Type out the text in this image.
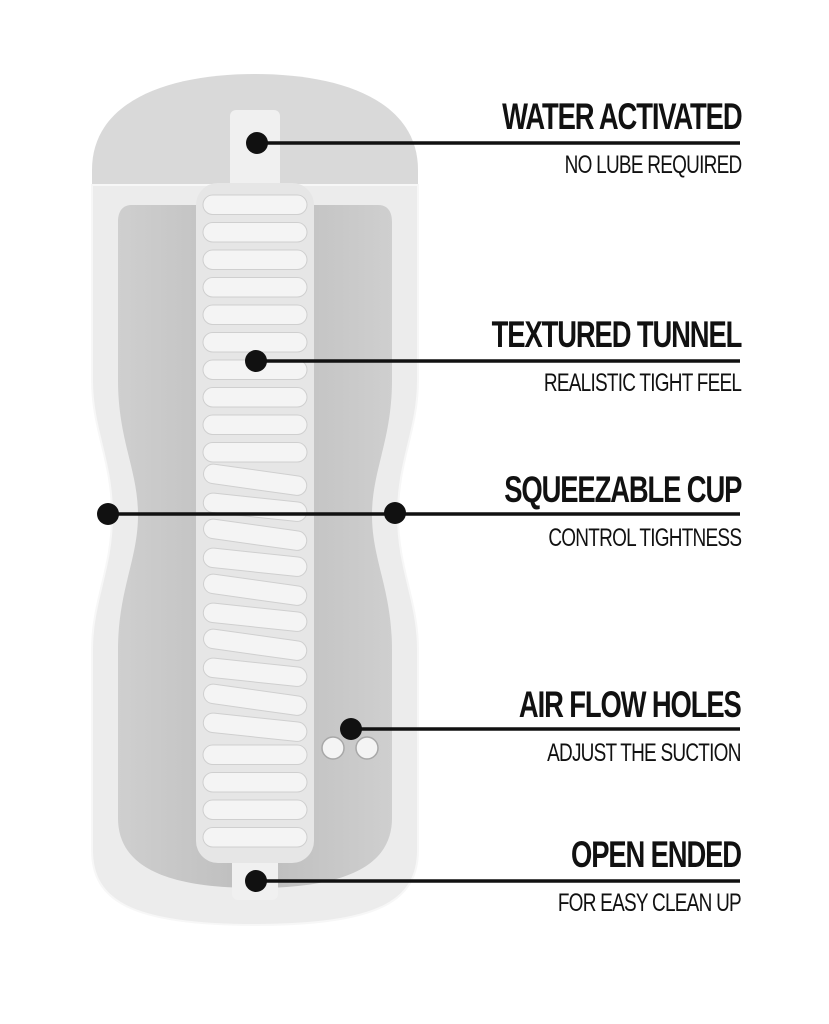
WATER ACTIVATED
NO LUBE REQUIRED
TEXTURED TUNNEL
REALISTIC TIGHT FEEL
SQUEEZABLE CUP
CONTROL TIGHTNESS
AIR FLOW HOLES
ADJUST THE SUCTION
OPEN ENDED
FOR EASY CLEAN UP
